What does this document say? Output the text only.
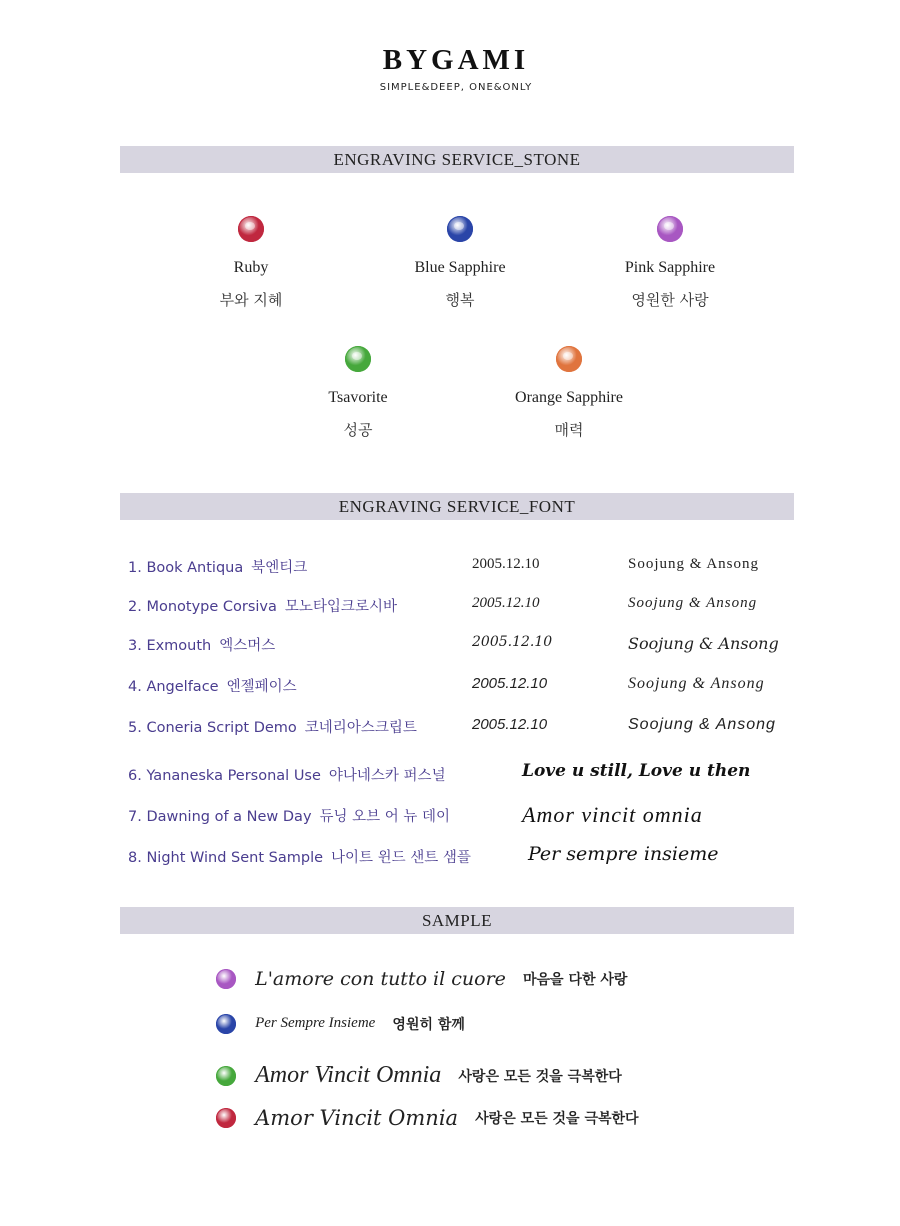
BYGAMI
SIMPLE&DEEP, ONE&ONLY
ENGRAVING SERVICE_STONE
Ruby
부와 지혜
Blue Sapphire
행복
Pink Sapphire
영원한 사랑
Tsavorite
성공
Orange Sapphire
매력
ENGRAVING SERVICE_FONT
1. Book Antiqua 북엔티크	2005.12.10	Soojung & Ansong
2. Monotype Corsiva 모노타입크로시바	2005.12.10	Soojung & Ansong
3. Exmouth 엑스머스	2005.12.10	Soojung & Ansong
4. Angelface 엔젤페이스	2005.12.10	Soojung & Ansong
5. Coneria Script Demo 코네리아스크립트	2005.12.10	Soojung & Ansong
6. Yananeska Personal Use 야나네스카 퍼스널	Love u still, Love u then
7. Dawning of a New Day 듀닝 오브 어 뉴 데이	Amor vincit omnia
8. Night Wind Sent Sample 나이트 윈드 샌트 샘플	Per sempre insieme
SAMPLE
L'amore con tutto il cuore 마음을 다한 사랑
Per Sempre Insieme 영원히 함께
Amor Vincit Omnia 사랑은 모든 것을 극복한다
Amor Vincit Omnia 사랑은 모든 것을 극복한다
